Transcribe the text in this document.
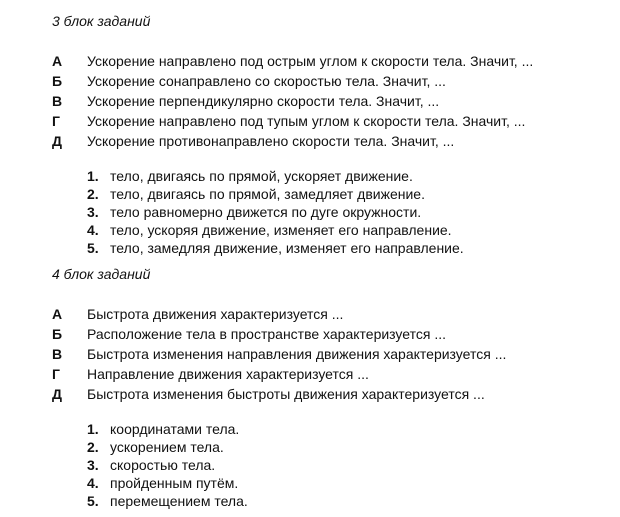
3 блок заданий
А Ускорение направлено под острым углом к скорости тела. Значит, ...
Б Ускорение сонаправлено со скоростью тела. Значит, ...
В Ускорение перпендикулярно скорости тела. Значит, ...
Г Ускорение направлено под тупым углом к скорости тела. Значит, ...
Д Ускорение противонаправлено скорости тела. Значит, ...
1. тело, двигаясь по прямой, ускоряет движение.
2. тело, двигаясь по прямой, замедляет движение.
3. тело равномерно движется по дуге окружности.
4. тело, ускоряя движение, изменяет его направление.
5. тело, замедляя движение, изменяет его направление.
4 блок заданий
А Быстрота движения характеризуется ...
Б Расположение тела в пространстве характеризуется ...
В Быстрота изменения направления движения характеризуется ...
Г Направление движения характеризуется ...
Д Быстрота изменения быстроты движения характеризуется ...
1. координатами тела.
2. ускорением тела.
3. скоростью тела.
4. пройденным путём.
5. перемещением тела.
